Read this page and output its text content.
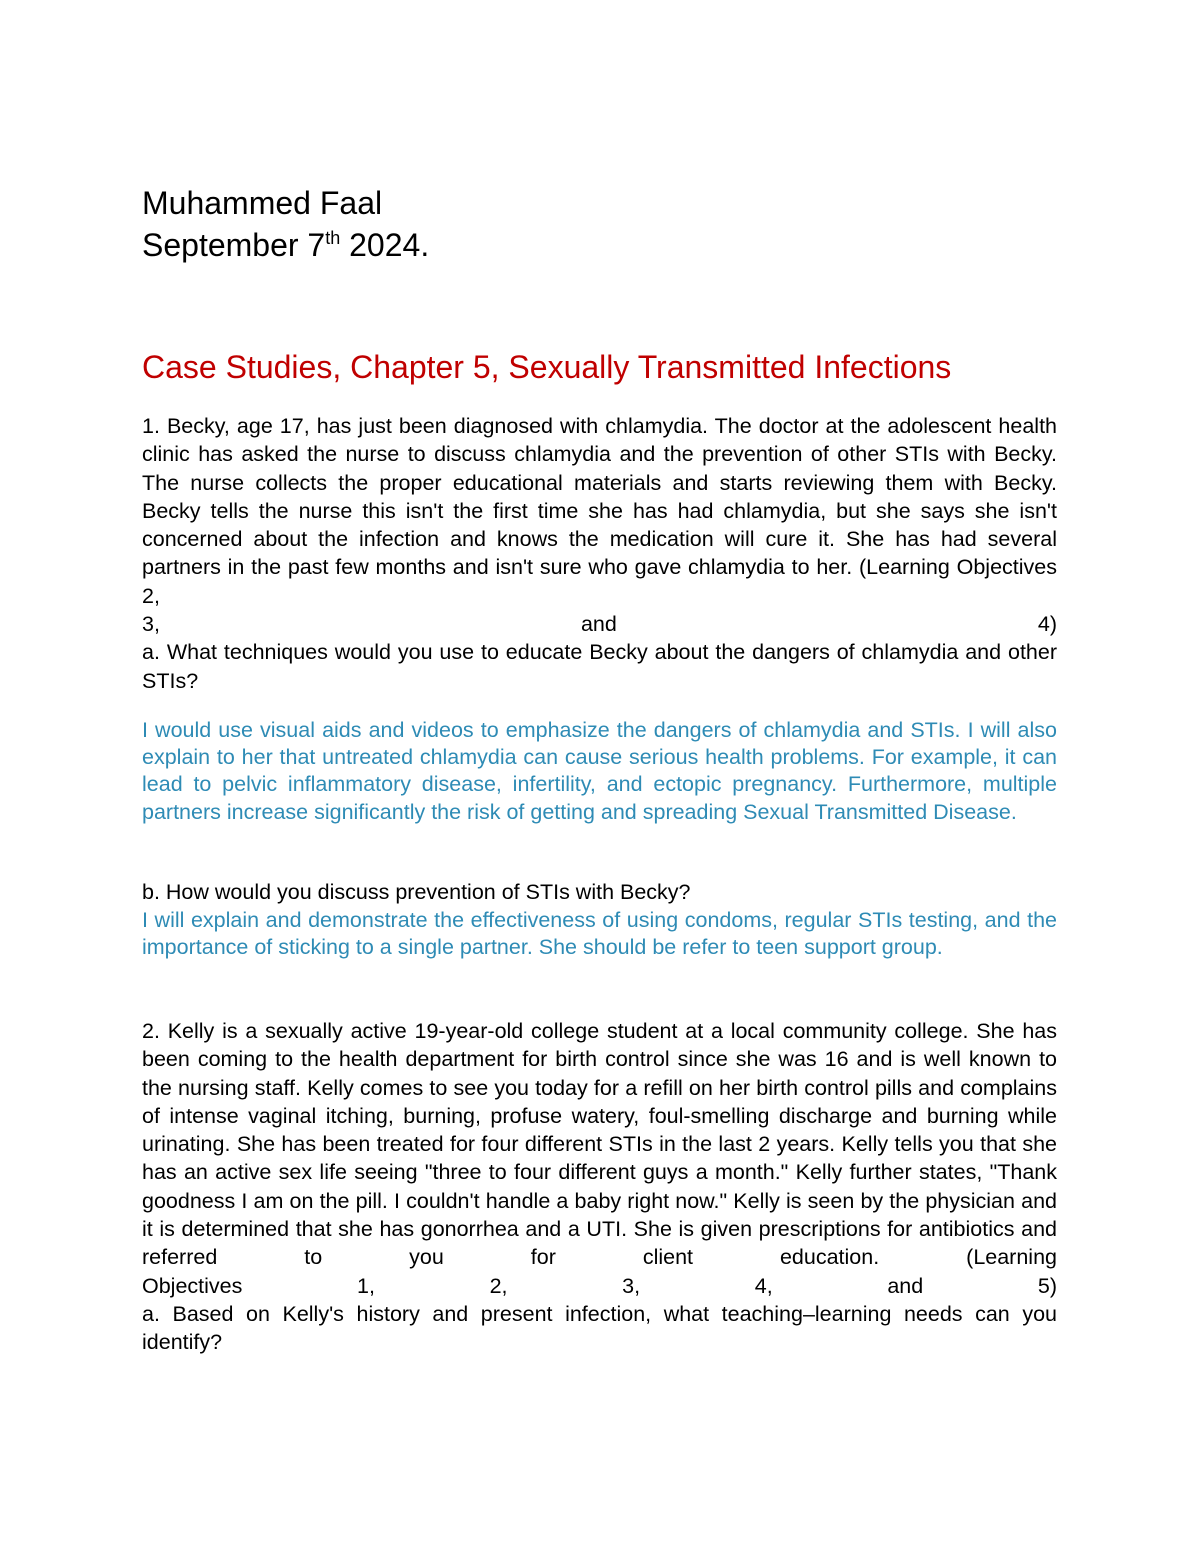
Muhammed Faal

September 7th 2024.

Case Studies, Chapter 5, Sexually Transmitted Infections

1. Becky, age 17, has just been diagnosed with chlamydia. The doctor at the adolescent health clinic has asked the nurse to discuss chlamydia and the prevention of other STIs with Becky. The nurse collects the proper educational materials and starts reviewing them with Becky. Becky tells the nurse this isn't the first time she has had chlamydia, but she says she isn't concerned about the infection and knows the medication will cure it. She has had several partners in the past few months and isn't sure who gave chlamydia to her. (Learning Objectives 2,

3, and 4)

a. What techniques would you use to educate Becky about the dangers of chlamydia and other STIs?

I would use visual aids and videos to emphasize the dangers of chlamydia and STIs. I will also explain to her that untreated chlamydia can cause serious health problems. For example, it can lead to pelvic inflammatory disease, infertility, and ectopic pregnancy. Furthermore, multiple partners increase significantly the risk of getting and spreading Sexual Transmitted Disease.

b. How would you discuss prevention of STIs with Becky?

I will explain and demonstrate the effectiveness of using condoms, regular STIs testing, and the importance of sticking to a single partner. She should be refer to teen support group.

2. Kelly is a sexually active 19-year-old college student at a local community college. She has been coming to the health department for birth control since she was 16 and is well known to the nursing staff. Kelly comes to see you today for a refill on her birth control pills and complains of intense vaginal itching, burning, profuse watery, foul-smelling discharge and burning while urinating. She has been treated for four different STIs in the last 2 years. Kelly tells you that she has an active sex life seeing "three to four different guys a month." Kelly further states, "Thank goodness I am on the pill. I couldn't handle a baby right now." Kelly is seen by the physician and it is determined that she has gonorrhea and a UTI. She is given prescriptions for antibiotics and referred to you for client education. (Learning

Objectives 1, 2, 3, 4, and 5)

a. Based on Kelly's history and present infection, what teaching–learning needs can you identify?
